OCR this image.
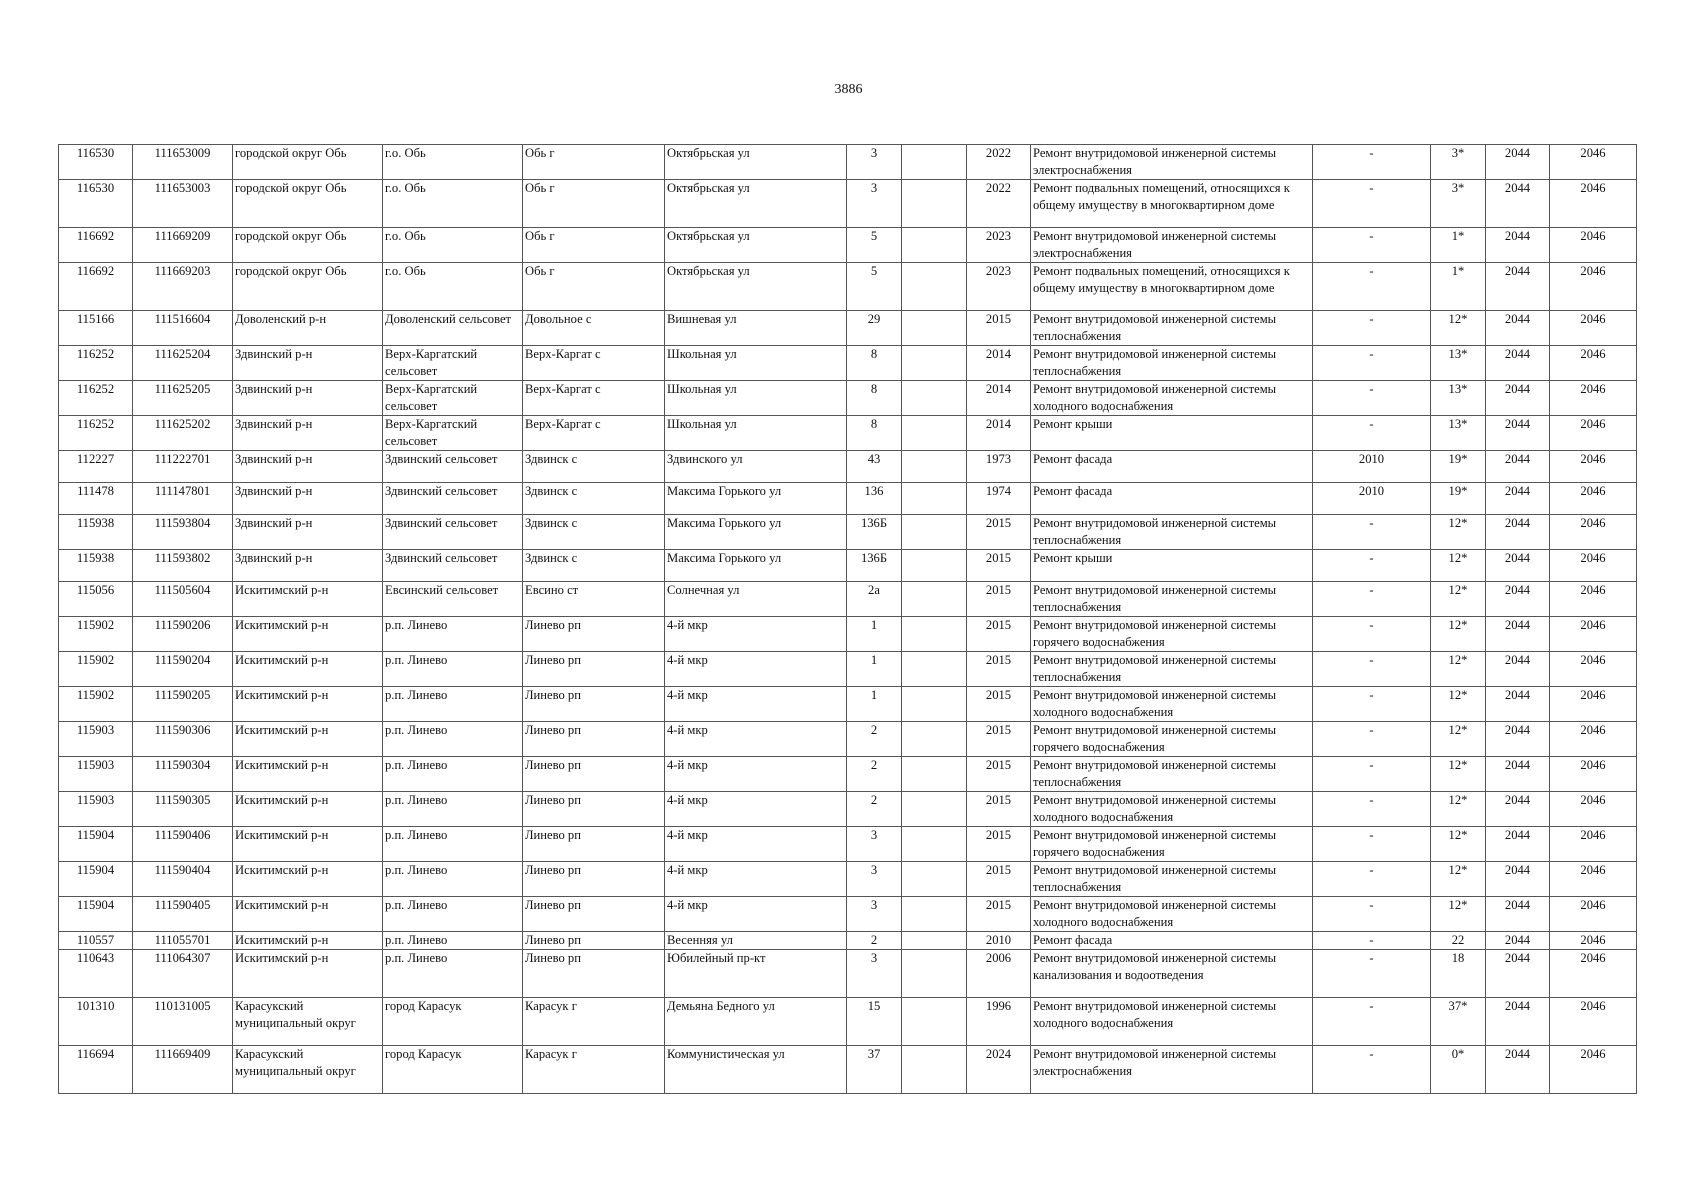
3886
116530	111653009	городской округ Обь	г.о. Обь	Обь г	Октябрьская ул	3		2022	Ремонт внутридомовой инженерной системы электроснабжения	-	3*	2044	2046
116530	111653003	городской округ Обь	г.о. Обь	Обь г	Октябрьская ул	3		2022	Ремонт подвальных помещений, относящихся к общему имуществу в многоквартирном доме	-	3*	2044	2046
116692	111669209	городской округ Обь	г.о. Обь	Обь г	Октябрьская ул	5		2023	Ремонт внутридомовой инженерной системы электроснабжения	-	1*	2044	2046
116692	111669203	городской округ Обь	г.о. Обь	Обь г	Октябрьская ул	5		2023	Ремонт подвальных помещений, относящихся к общему имуществу в многоквартирном доме	-	1*	2044	2046
115166	111516604	Доволенский р-н	Доволенский сельсовет	Довольное с	Вишневая ул	29		2015	Ремонт внутридомовой инженерной системы теплоснабжения	-	12*	2044	2046
116252	111625204	Здвинский р-н	Верх-Каргатский сельсовет	Верх-Каргат с	Школьная ул	8		2014	Ремонт внутридомовой инженерной системы теплоснабжения	-	13*	2044	2046
116252	111625205	Здвинский р-н	Верх-Каргатский сельсовет	Верх-Каргат с	Школьная ул	8		2014	Ремонт внутридомовой инженерной системы холодного водоснабжения	-	13*	2044	2046
116252	111625202	Здвинский р-н	Верх-Каргатский сельсовет	Верх-Каргат с	Школьная ул	8		2014	Ремонт крыши	-	13*	2044	2046
112227	111222701	Здвинский р-н	Здвинский сельсовет	Здвинск с	Здвинского ул	43		1973	Ремонт фасада	2010	19*	2044	2046
111478	111147801	Здвинский р-н	Здвинский сельсовет	Здвинск с	Максима Горького ул	136		1974	Ремонт фасада	2010	19*	2044	2046
115938	111593804	Здвинский р-н	Здвинский сельсовет	Здвинск с	Максима Горького ул	136Б		2015	Ремонт внутридомовой инженерной системы теплоснабжения	-	12*	2044	2046
115938	111593802	Здвинский р-н	Здвинский сельсовет	Здвинск с	Максима Горького ул	136Б		2015	Ремонт крыши	-	12*	2044	2046
115056	111505604	Искитимский р-н	Евсинский сельсовет	Евсино ст	Солнечная ул	2а		2015	Ремонт внутридомовой инженерной системы теплоснабжения	-	12*	2044	2046
115902	111590206	Искитимский р-н	р.п. Линево	Линево рп	4-й мкр	1		2015	Ремонт внутридомовой инженерной системы горячего водоснабжения	-	12*	2044	2046
115902	111590204	Искитимский р-н	р.п. Линево	Линево рп	4-й мкр	1		2015	Ремонт внутридомовой инженерной системы теплоснабжения	-	12*	2044	2046
115902	111590205	Искитимский р-н	р.п. Линево	Линево рп	4-й мкр	1		2015	Ремонт внутридомовой инженерной системы холодного водоснабжения	-	12*	2044	2046
115903	111590306	Искитимский р-н	р.п. Линево	Линево рп	4-й мкр	2		2015	Ремонт внутридомовой инженерной системы горячего водоснабжения	-	12*	2044	2046
115903	111590304	Искитимский р-н	р.п. Линево	Линево рп	4-й мкр	2		2015	Ремонт внутридомовой инженерной системы теплоснабжения	-	12*	2044	2046
115903	111590305	Искитимский р-н	р.п. Линево	Линево рп	4-й мкр	2		2015	Ремонт внутридомовой инженерной системы холодного водоснабжения	-	12*	2044	2046
115904	111590406	Искитимский р-н	р.п. Линево	Линево рп	4-й мкр	3		2015	Ремонт внутридомовой инженерной системы горячего водоснабжения	-	12*	2044	2046
115904	111590404	Искитимский р-н	р.п. Линево	Линево рп	4-й мкр	3		2015	Ремонт внутридомовой инженерной системы теплоснабжения	-	12*	2044	2046
115904	111590405	Искитимский р-н	р.п. Линево	Линево рп	4-й мкр	3		2015	Ремонт внутридомовой инженерной системы холодного водоснабжения	-	12*	2044	2046
110557	111055701	Искитимский р-н	р.п. Линево	Линево рп	Весенняя ул	2		2010	Ремонт фасада	-	22	2044	2046
110643	111064307	Искитимский р-н	р.п. Линево	Линево рп	Юбилейный пр-кт	3		2006	Ремонт внутридомовой инженерной системы канализования и водоотведения	-	18	2044	2046
101310	110131005	Карасукский муниципальный округ	город Карасук	Карасук г	Демьяна Бедного ул	15		1996	Ремонт внутридомовой инженерной системы холодного водоснабжения	-	37*	2044	2046
116694	111669409	Карасукский муниципальный округ	город Карасук	Карасук г	Коммунистическая ул	37		2024	Ремонт внутридомовой инженерной системы электроснабжения	-	0*	2044	2046
